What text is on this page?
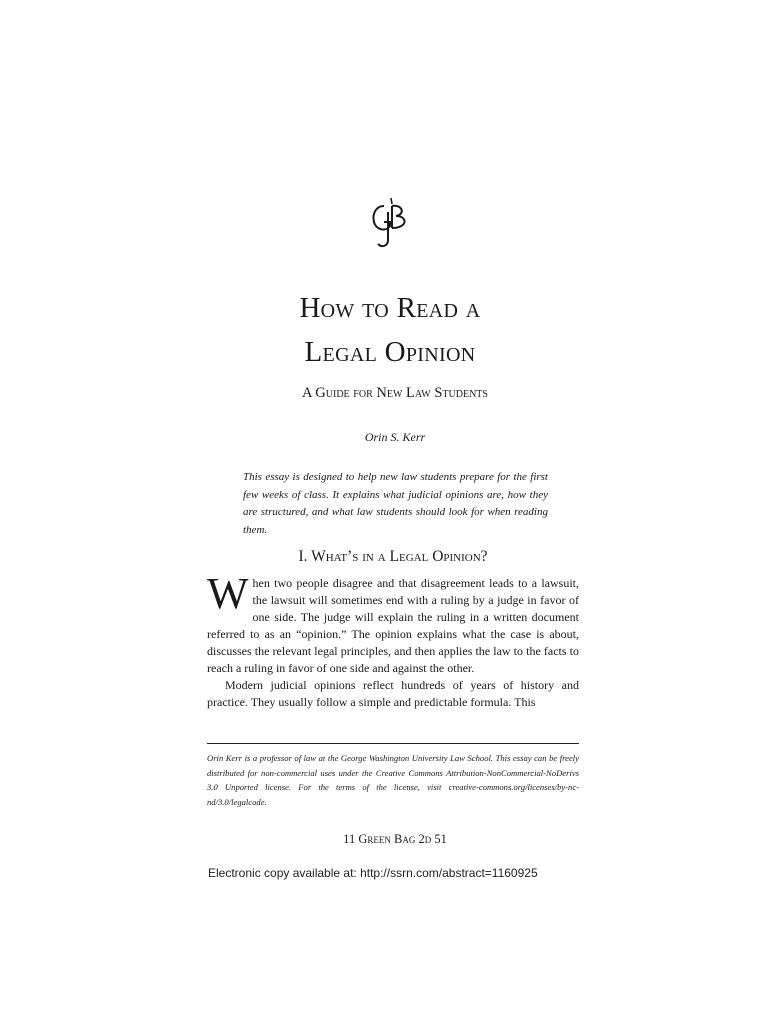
How to Read a
Legal Opinion
A Guide for New Law Students
Orin S. Kerr
This essay is designed to help new law students prepare for the first few weeks of class. It explains what judicial opinions are, how they are structured, and what law students should look for when reading them.
I. What’s in a Legal Opinion?

When two people disagree and that disagreement leads to a lawsuit, the lawsuit will sometimes end with a ruling by a judge in favor of one side. The judge will explain the ruling in a written document referred to as an “opinion.” The opinion explains what the case is about, discusses the relevant legal principles, and then applies the law to the facts to reach a ruling in favor of one side and against the other.

Modern judicial opinions reflect hundreds of years of history and practice. They usually follow a simple and predictable formula. This

Orin Kerr is a professor of law at the George Washington University Law School. This essay can be freely distributed for non-commercial uses under the Creative Commons Attribution-NonCommercial-NoDerivs 3.0 Unported license. For the terms of the license, visit creative-commons.org/licenses/by-nc-nd/3.0/legalcode.
11 Green Bag 2d 51
Electronic copy available at: http://ssrn.com/abstract=1160925
